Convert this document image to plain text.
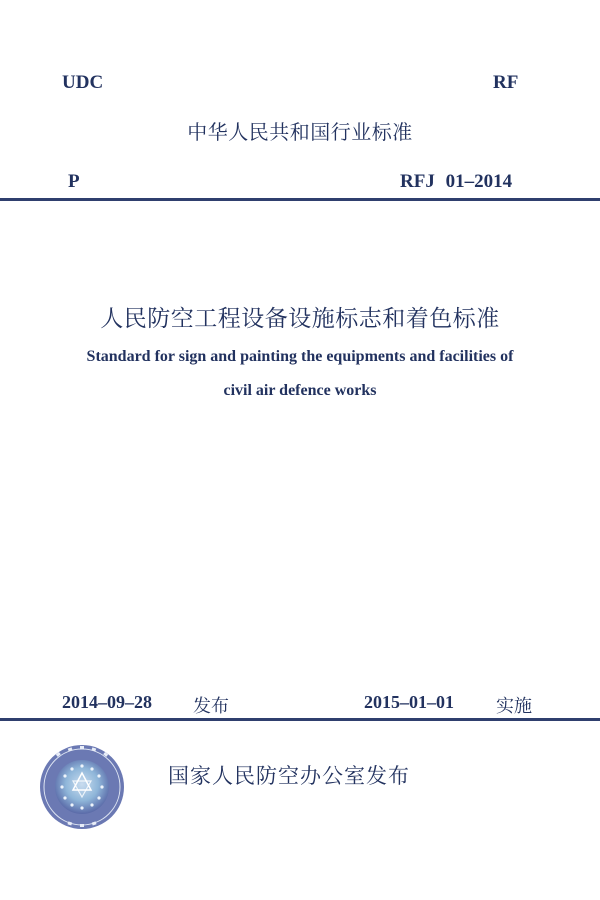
UDC	RF
中华人民共和国行业标准
P	RFJ 01–2014
人民防空工程设备设施标志和着色标准
Standard for sign and painting the equipments and facilities of
civil air defence works
2014–09–28 发布	2015–01–01 实施
国家人民防空办公室发布
